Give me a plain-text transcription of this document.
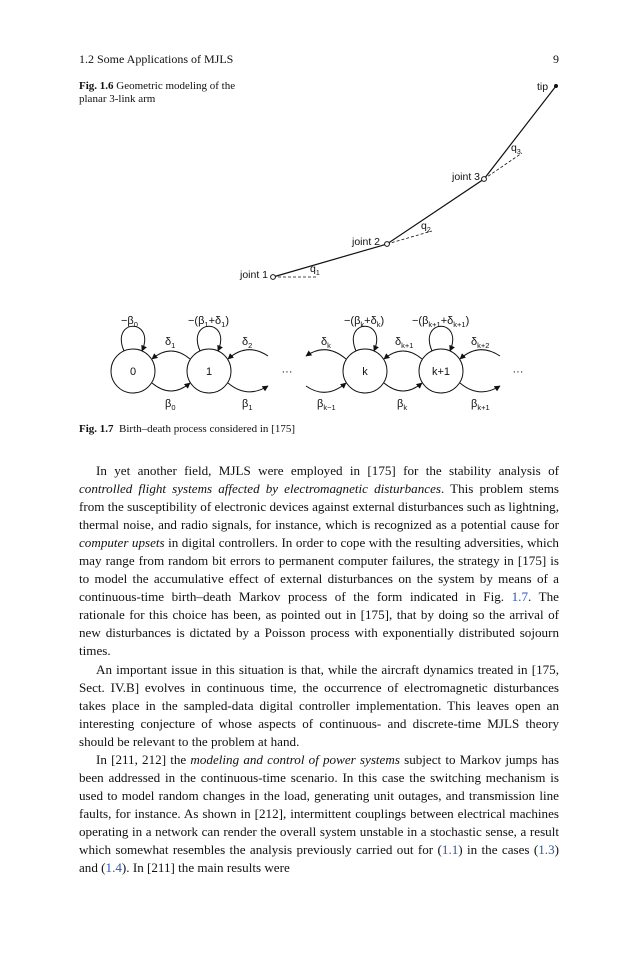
1.2 Some Applications of MJLS	9
Fig. 1.6 Geometric modeling of the planar 3-link arm
joint 1
joint 2
joint 3
tip
$q_1$
$q_2$
$q_3$
0	1	k	k+1
···	···
$-\beta_0$	$-(\beta_1+\delta_1)$	$-(\beta_k+\delta_k)$	$-(\beta_{k+1}+\delta_{k+1})$
$\delta_1$	$\delta_2$	$\delta_k$	$\delta_{k+1}$	$\delta_{k+2}$
$\beta_0$	$\beta_1$	$\beta_{k-1}$	$\beta_k$	$\beta_{k+1}$
Fig. 1.7 Birth–death process considered in [175]

In yet another field, MJLS were employed in [175] for the stability analysis of controlled flight systems affected by electromagnetic disturbances. This problem stems from the susceptibility of electronic devices against external disturbances such as lightning, thermal noise, and radio signals, for instance, which is recognized as a potential cause for computer upsets in digital controllers. In order to cope with the resulting adversities, which may range from random bit errors to permanent computer failures, the strategy in [175] is to model the accumulative effect of external disturbances on the system by means of a continuous-time birth–death Markov process of the form indicated in Fig. 1.7. The rationale for this choice has been, as pointed out in [175], that by doing so the arrival of new disturbances is dictated by a Poisson process with exponentially distributed sojourn times.

An important issue in this situation is that, while the aircraft dynamics treated in [175, Sect. IV.B] evolves in continuous time, the occurrence of electromagnetic disturbances takes place in the sampled-data digital controller implementation. This leaves open an interesting conjecture of whose aspects of continuous- and discrete-time MJLS theory should be relevant to the problem at hand.

In [211, 212] the modeling and control of power systems subject to Markov jumps has been addressed in the continuous-time scenario. In this case the switching mechanism is used to model random changes in the load, generating unit outages, and transmission line faults, for instance. As shown in [212], intermittent couplings between electrical machines operating in a network can render the overall system unstable in a stochastic sense, a result which somewhat resembles the analysis previously carried out for (1.1) in the cases (1.3) and (1.4). In [211] the main results were
